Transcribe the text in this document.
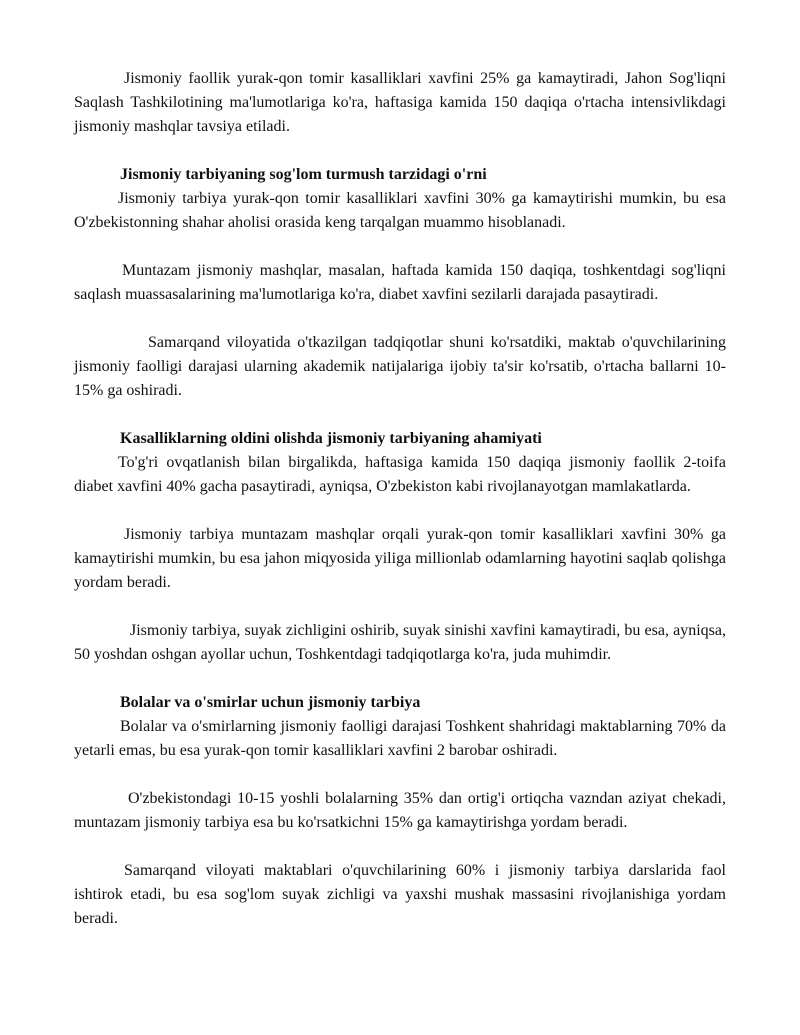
Jismoniy faollik yurak-qon tomir kasalliklari xavfini 25% ga kamaytiradi, Jahon Sog'liqni Saqlash Tashkilotining ma'lumotlariga ko'ra, haftasiga kamida 150 daqiqa o'rtacha intensivlikdagi jismoniy mashqlar tavsiya etiladi.

Jismoniy tarbiyaning sog'lom turmush tarzidagi o'rni

Jismoniy tarbiya yurak-qon tomir kasalliklari xavfini 30% ga kamaytirishi mumkin, bu esa O'zbekistonning shahar aholisi orasida keng tarqalgan muammo hisoblanadi.

Muntazam jismoniy mashqlar, masalan, haftada kamida 150 daqiqa, toshkentdagi sog'liqni saqlash muassasalarining ma'lumotlariga ko'ra, diabet xavfini sezilarli darajada pasaytiradi.

Samarqand viloyatida o'tkazilgan tadqiqotlar shuni ko'rsatdiki, maktab o'quvchilarining jismoniy faolligi darajasi ularning akademik natijalariga ijobiy ta'sir ko'rsatib, o'rtacha ballarni 10-15% ga oshiradi.

Kasalliklarning oldini olishda jismoniy tarbiyaning ahamiyati

To'g'ri ovqatlanish bilan birgalikda, haftasiga kamida 150 daqiqa jismoniy faollik 2-toifa diabet xavfini 40% gacha pasaytiradi, ayniqsa, O'zbekiston kabi rivojlanayotgan mamlakatlarda.

Jismoniy tarbiya muntazam mashqlar orqali yurak-qon tomir kasalliklari xavfini 30% ga kamaytirishi mumkin, bu esa jahon miqyosida yiliga millionlab odamlarning hayotini saqlab qolishga yordam beradi.

Jismoniy tarbiya, suyak zichligini oshirib, suyak sinishi xavfini kamaytiradi, bu esa, ayniqsa, 50 yoshdan oshgan ayollar uchun, Toshkentdagi tadqiqotlarga ko'ra, juda muhimdir.

Bolalar va o'smirlar uchun jismoniy tarbiya

Bolalar va o'smirlarning jismoniy faolligi darajasi Toshkent shahridagi maktablarning 70% da yetarli emas, bu esa yurak-qon tomir kasalliklari xavfini 2 barobar oshiradi.

O'zbekistondagi 10-15 yoshli bolalarning 35% dan ortig'i ortiqcha vazndan aziyat chekadi, muntazam jismoniy tarbiya esa bu ko'rsatkichni 15% ga kamaytirishga yordam beradi.

Samarqand viloyati maktablari o'quvchilarining 60% i jismoniy tarbiya darslarida faol ishtirok etadi, bu esa sog'lom suyak zichligi va yaxshi mushak massasini rivojlanishiga yordam beradi.
